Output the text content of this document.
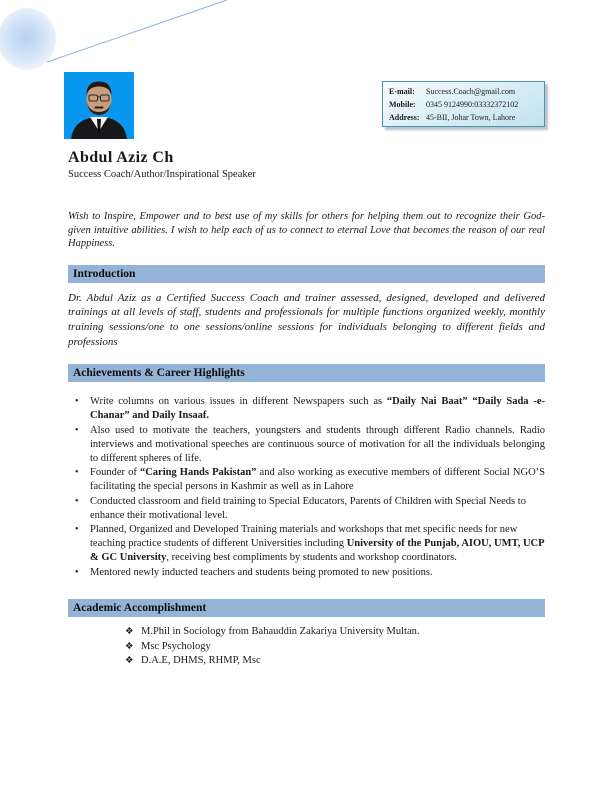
E-mail:	Success.Coach@gmail.com
Mobile:	0345 9124990:03332372102
Address: 45-BII, Johar Town, Lahore
Abdul Aziz Ch
Success Coach/Author/Inspirational Speaker

Wish to Inspire, Empower and to best use of my skills for others for helping them out to recognize their God-given intuitive abilities. I wish to help each of us to connect to eternal Love that becomes the reason of our real Happiness.

Introduction

Dr. Abdul Aziz as a Certified Success Coach and trainer assessed, designed, developed and delivered trainings at all levels of staff, students and professionals for multiple functions organized weekly, monthly training sessions/one to one sessions/online sessions for individuals belonging to different fields and professions

Achievements & Career Highlights
• Write columns on various issues in different Newspapers such as “Daily Nai Baat” “Daily Sada -e- Chanar” and Daily Insaaf.
• Also used to motivate the teachers, youngsters and students through different Radio channels. Radio interviews and motivational speeches are continuous source of motivation for all the individuals belonging to different spheres of life.
• Founder of “Caring Hands Pakistan” and also working as executive members of different Social NGO’S facilitating the special persons in Kashmir as well as in Lahore
• Conducted classroom and field training to Special Educators, Parents of Children with Special Needs to enhance their motivational level.
• Planned, Organized and Developed Training materials and workshops that met specific needs for new teaching practice students of different Universities including University of the Punjab, AIOU, UMT, UCP & GC University, receiving best compliments by students and workshop coordinators.
• Mentored newly inducted teachers and students being promoted to new positions.
Academic Accomplishment
❖ M.Phil in Sociology from Bahauddin Zakariya University Multan.
❖ Msc Psychology
❖ D.A.E, DHMS, RHMP, Msc
